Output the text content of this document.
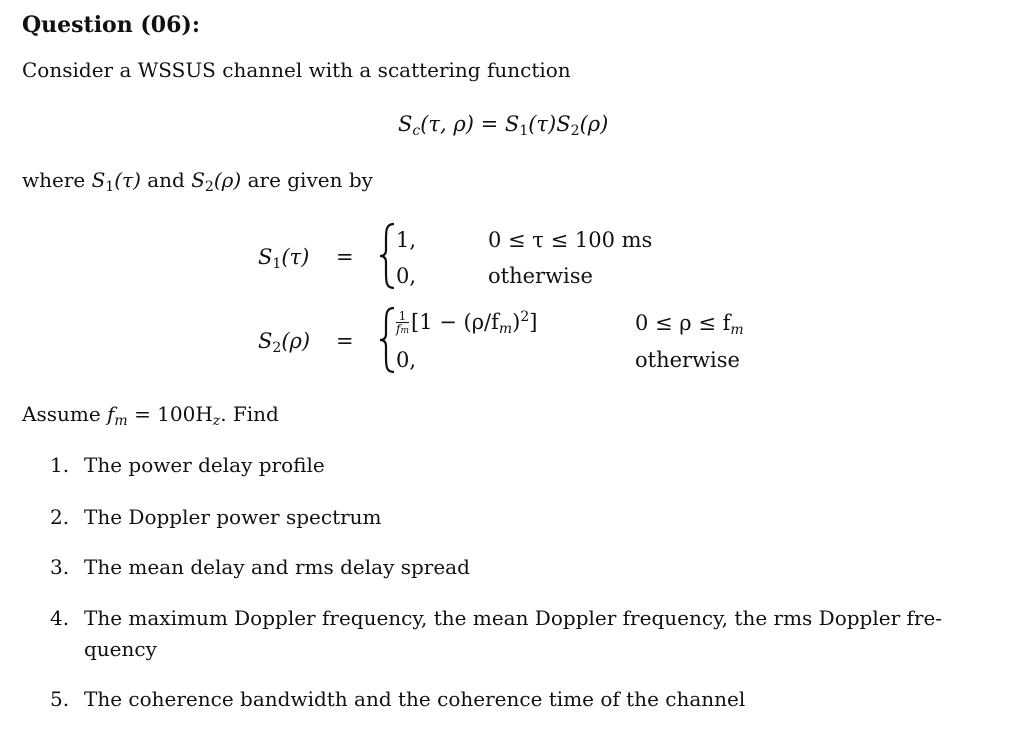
Question (06):
Consider a WSSUS channel with a scattering function
$S_c(\tau$, $\rho) = S_1(\tau)S_2(\rho)$
where $S_1(\tau)$ and $S_2(\rho)$ are given by
$S_1(\tau)$ =
1,	0 ≤ τ ≤ 100 ms
0,	otherwise
$S_2(\rho)$ =
$\frac{1}{fm} [1 - (\rho/f_m)^2]$	$0 \le \rho \le f_m$
0,	otherwise
Assume $f_m = 100H_z$. Find
1. The power delay profile
2. The Doppler power spectrum
3. The mean delay and rms delay spread
4. The maximum Doppler frequency, the mean Doppler frequency, the rms Doppler fre-
quency
5. The coherence bandwidth and the coherence time of the channel
